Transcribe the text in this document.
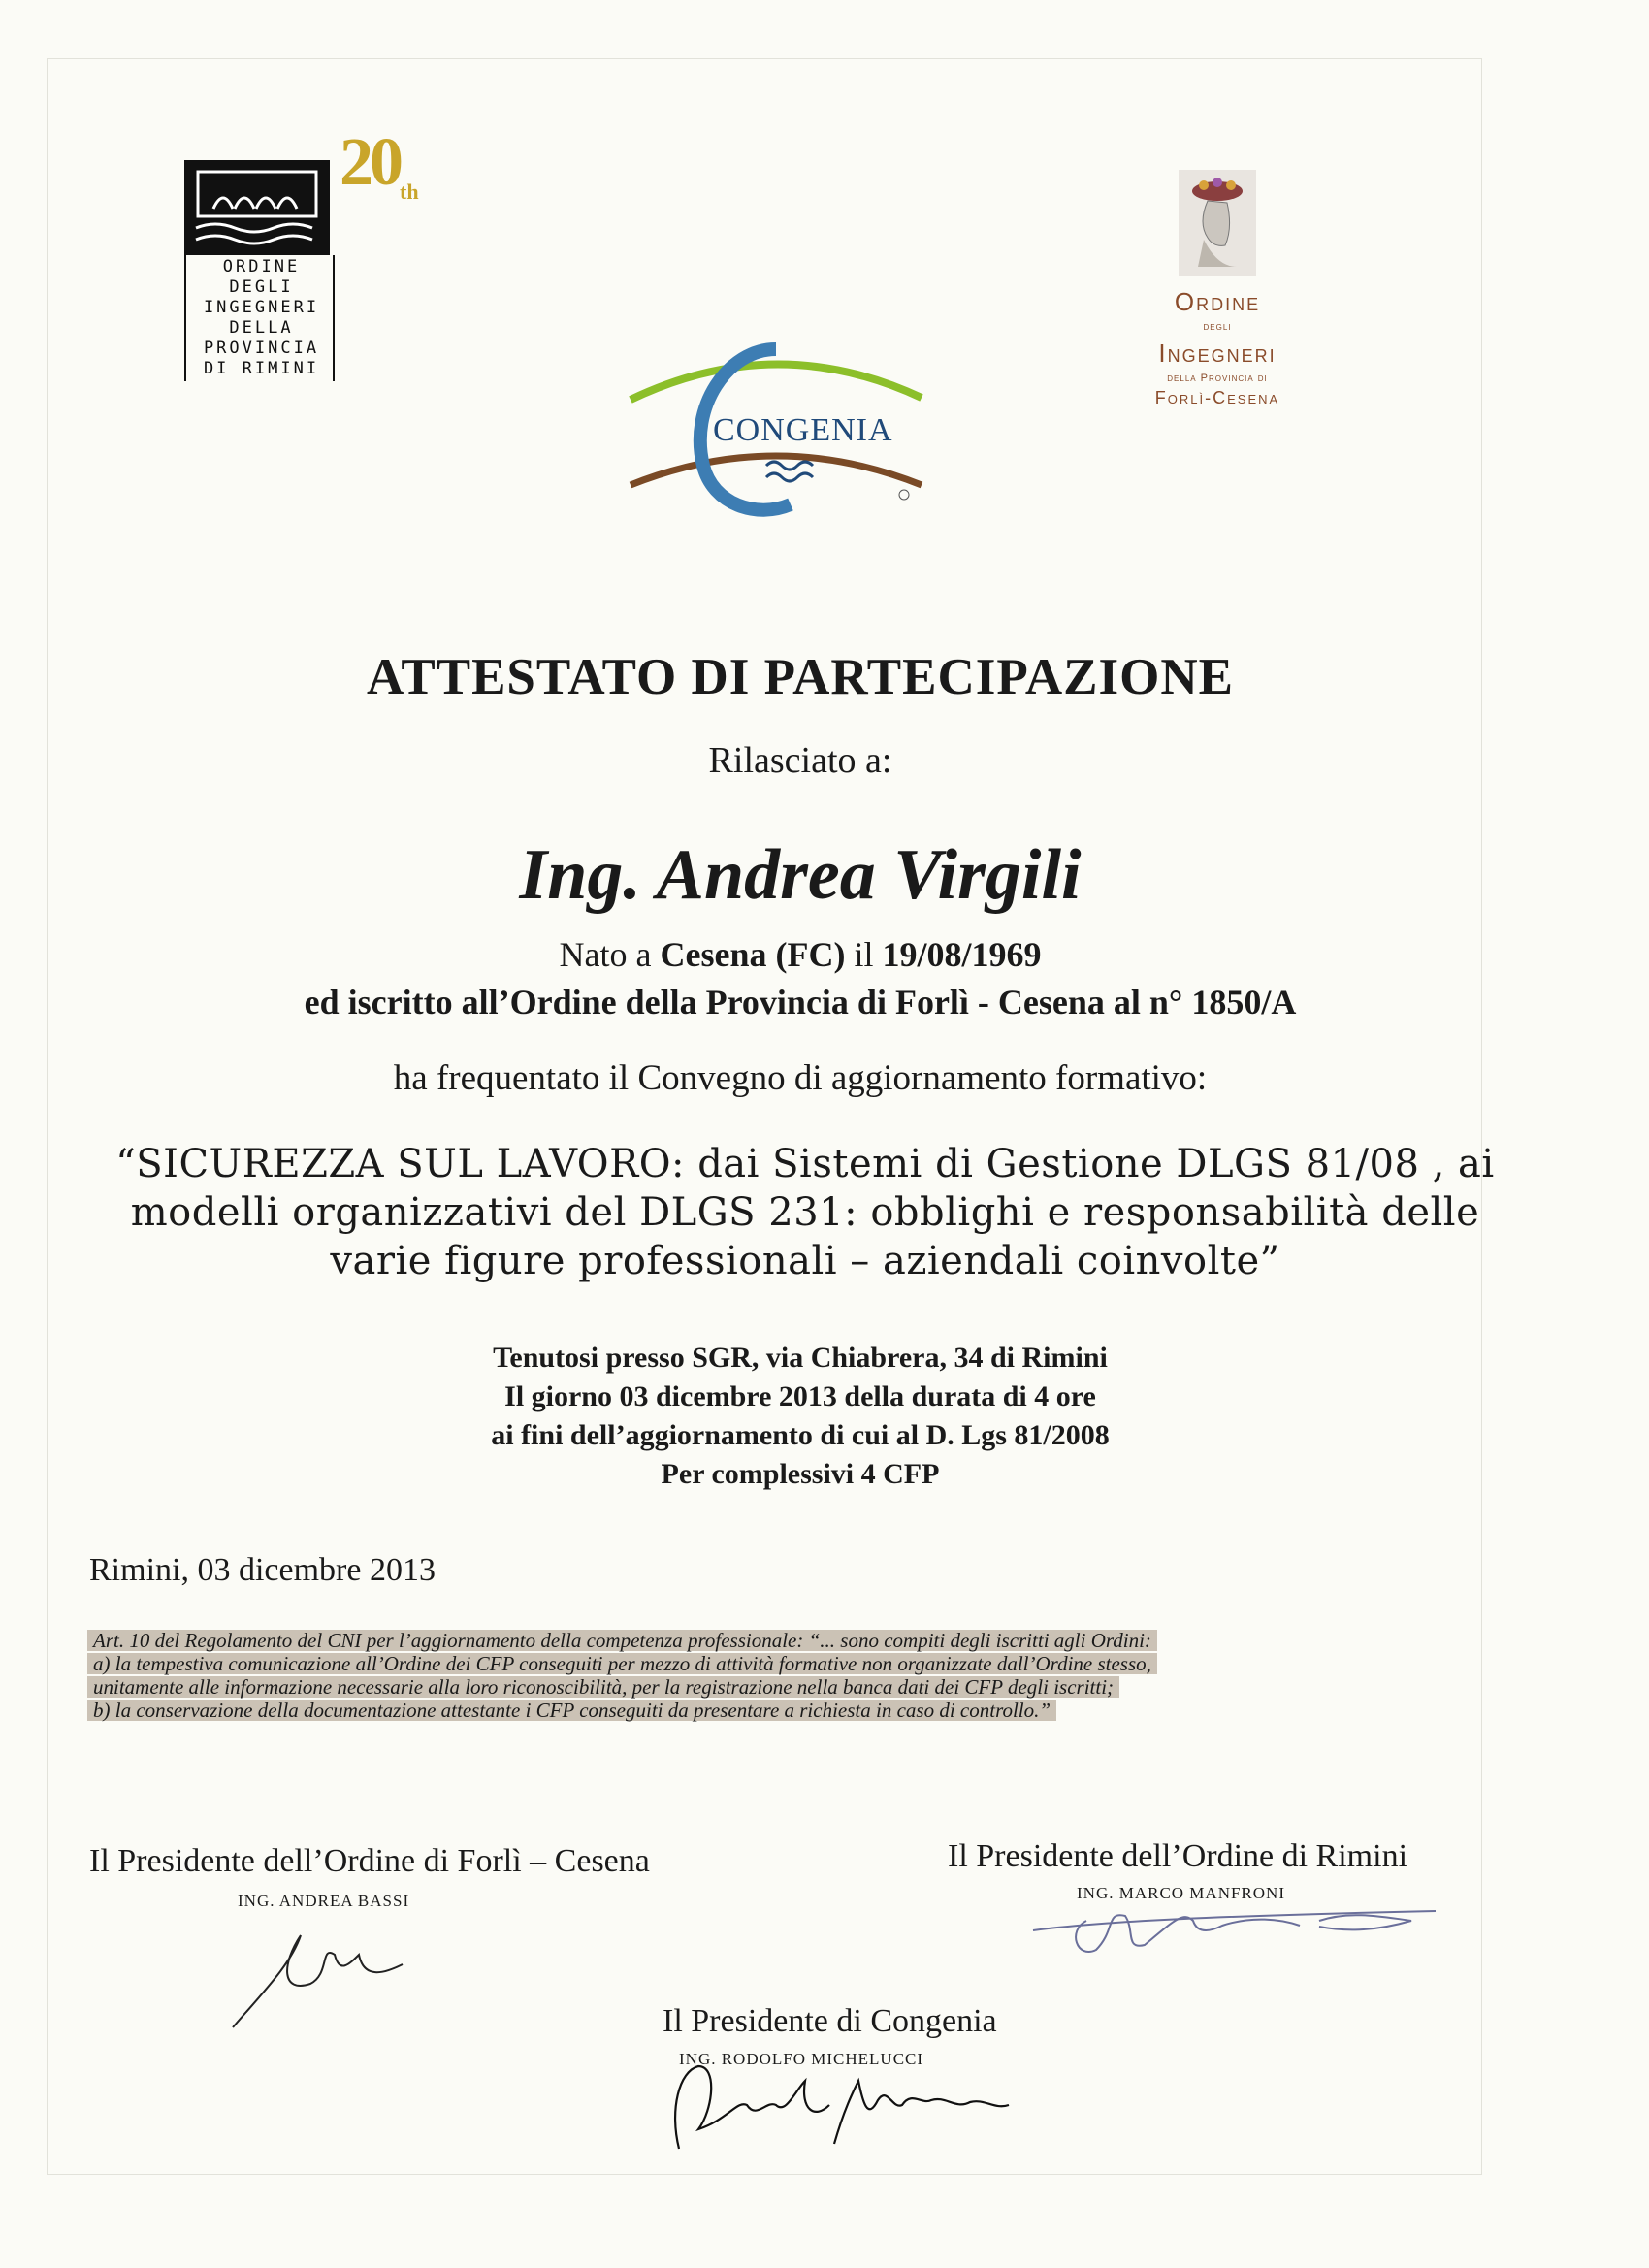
ORDINE DEGLI
INGEGNERI
DELLA PROVINCIA
DI RIMINI
$20_{th}$
CONGENIA
Ordine
degli
Ingegneri
della Provincia di
Forlì-Cesena
ATTESTATO DI PARTECIPAZIONE
Rilasciato a:
Ing. Andrea Virgili
Nato a Cesena (FC) il 19/08/1969
ed iscritto all’Ordine della Provincia di Forlì - Cesena al n° 1850/A
ha frequentato il Convegno di aggiornamento formativo:
“SICUREZZA SUL LAVORO: dai Sistemi di Gestione DLGS 81/08 , ai
modelli organizzativi del DLGS 231: obblighi e responsabilità delle
varie figure professionali – aziendali coinvolte”
Tenutosi presso SGR, via Chiabrera, 34 di Rimini
Il giorno 03 dicembre 2013 della durata di 4 ore
ai fini dell’aggiornamento di cui al D. Lgs 81/2008
Per complessivi 4 CFP
Rimini, 03 dicembre 2013
Art. 10 del Regolamento del CNI per l’aggiornamento della competenza professionale: “... sono compiti degli iscritti agli Ordini:
a) la tempestiva comunicazione all’Ordine dei CFP conseguiti per mezzo di attività formative non organizzate dall’Ordine stesso,
unitamente alle informazione necessarie alla loro riconoscibilità, per la registrazione nella banca dati dei CFP degli iscritti;
b) la conservazione della documentazione attestante i CFP conseguiti da presentare a richiesta in caso di controllo.”
Il Presidente dell’Ordine di Forlì – Cesena
ING. ANDREA BASSI
Il Presidente dell’Ordine di Rimini
ING. MARCO MANFRONI
Il Presidente di Congenia
ING. RODOLFO MICHELUCCI
